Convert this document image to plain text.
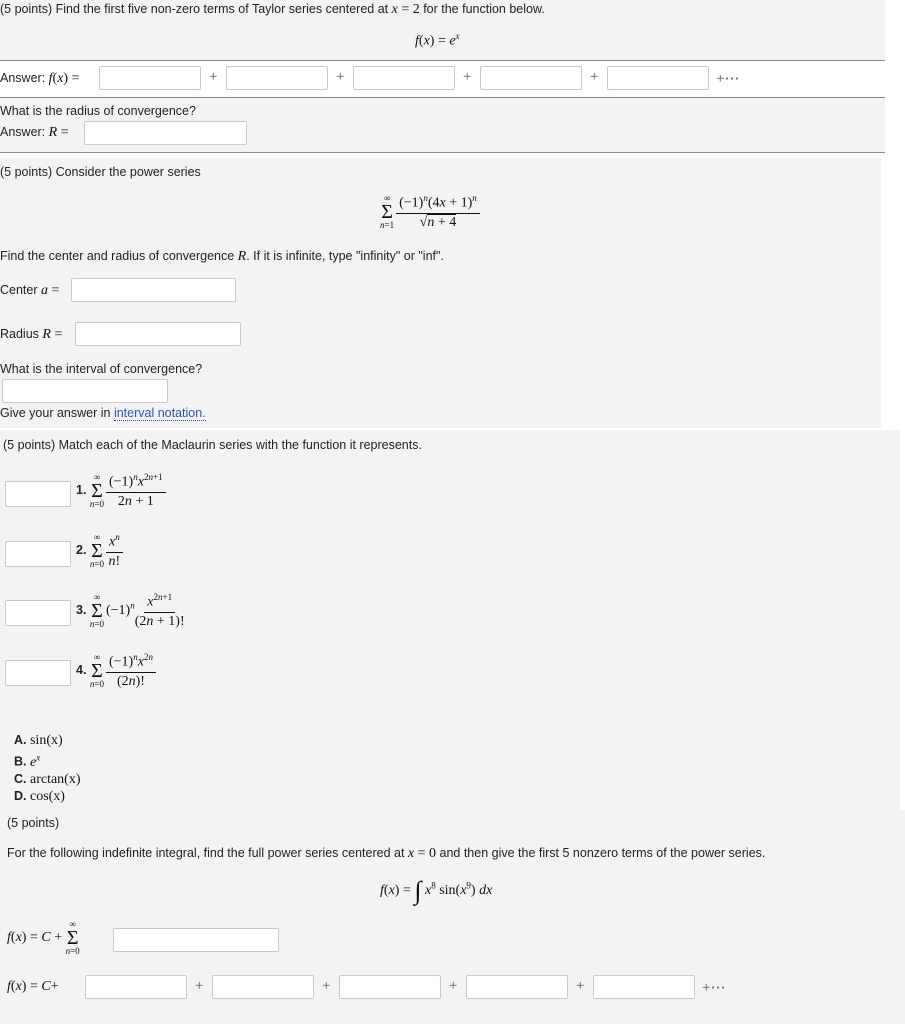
(5 points) Find the first five non-zero terms of Taylor series centered at x = 2 for the function below.
$f(x) = e^x$
Answer: f(x) =	+	+	+	+	+⋯
What is the radius of convergence?
Answer: R =
(5 points) Consider the power series
∞
Σ
$n=1 \frac{(-1)^n(4x + 1)^n}{√n + 4}$
Find the center and radius of convergence R. If it is infinite, type "infinity" or "inf".
Center a =
Radius R =
What is the interval of convergence?
Give your answer in interval notation.
(5 points) Match each of the Maclaurin series with the function it represents.
1.
∞
Σ
$n=0 \frac{(-1)^nx^{2n+1}}{2n + 1}$
2.
∞
Σ
$n=0 \frac{x^n}{n!}$
3.
∞
Σ
n=0
$(-1)^n \frac{x^{2n+1}}{(2n + 1)!}$
4.
∞
Σ
$n=0 \frac{(-1)^nx^{2n}}{(2n)!}$
A. sin(x)
B. $e^x$
C. arctan(x)
D. cos(x)
(5 points)
For the following indefinite integral, find the full power series centered at x = 0 and then give the first 5 nonzero terms of the power series.
f(x) = ∫ $x^8$ $\sin(x^9)$ dx
f(x) = C +
∞
Σ
n=0
f(x) = C+	+	+	+	+	+⋯
